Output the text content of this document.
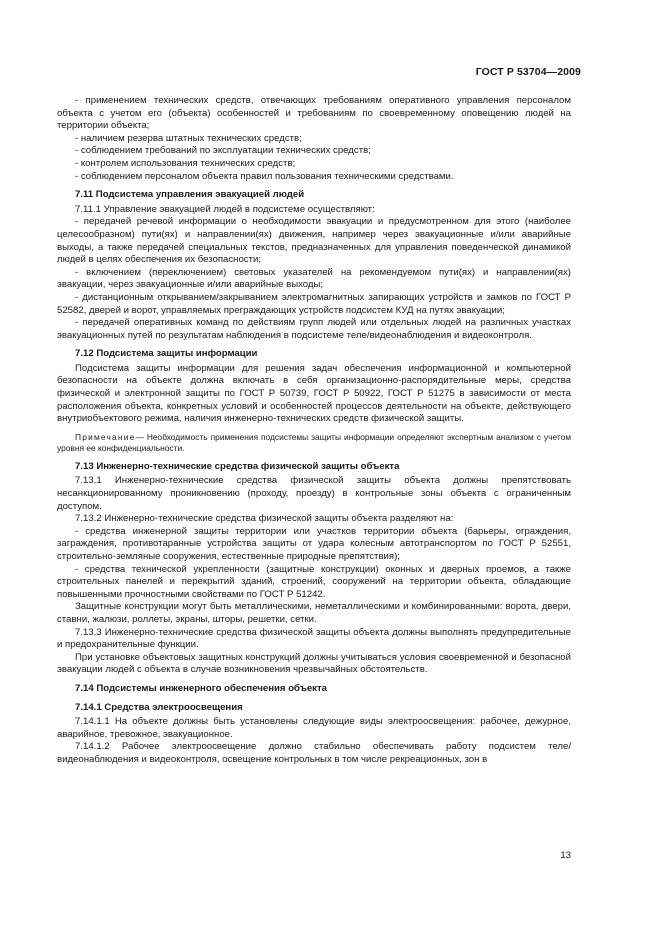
ГОСТ Р 53704—2009

- применением технических средств, отвечающих требованиям оперативного управления персоналом объекта с учетом его (объекта) особенностей и требованиям по своевременному оповещению людей на территории объекта;

- наличием резерва штатных технических средств;

- соблюдением требований по эксплуатации технических средств;

- контролем использования технических средств;

- соблюдением персоналом объекта правил пользования техническими средствами.

7.11 Подсистема управления эвакуацией людей

7.11.1 Управление эвакуацией людей в подсистеме осуществляют:

- передачей речевой информации о необходимости эвакуации и предусмотренном для этого (наиболее целесообразном) пути(ях) и направлении(ях) движения, например через эвакуационные и/или аварийные выходы, а также передачей специальных текстов, предназначенных для управления поведенческой динамикой людей в целях обеспечения их безопасности;

- включением (переключением) световых указателей на рекомендуемом пути(ях) и направлении(ях) эвакуации, через эвакуационные и/или аварийные выходы;

- дистанционным открыванием/закрыванием электромагнитных запирающих устройств и замков по ГОСТ Р 52582, дверей и ворот, управляемых преграждающих устройств подсистем КУД на путях эвакуации;

- передачей оперативных команд по действиям групп людей или отдельных людей на различных участках эвакуационных путей по результатам наблюдения в подсистеме теле/видеонаблюдения и видеоконтроля.

7.12 Подсистема защиты информации

Подсистема защиты информации для решения задач обеспечения информационной и компьютерной безопасности на объекте должна включать в себя организационно-распорядительные меры, средства физической и электронной защиты по ГОСТ Р 50739, ГОСТ Р 50922, ГОСТ Р 51275 в зависимости от места расположения объекта, конкретных условий и особенностей процессов деятельности на объекте, действующего внутриобъектового режима, наличия инженерно-технических средств физической защиты.

Примечание— Необходимость применения подсистемы защиты информации определяют экспертным анализом с учетом уровня ее конфиденциальности.

7.13 Инженерно-технические средства физической защиты объекта

7.13.1 Инженерно-технические средства физической защиты объекта должны препятствовать несанкционированному проникновению (проходу, проезду) в контрольные зоны объекта с ограниченным доступом.

7.13.2 Инженерно-технические средства физической защиты объекта разделяют на:

- средства инженерной защиты территории или участков территории объекта (барьеры, ограждения, заграждения, противотаранные устройства защиты от удара колесным автотранспортом по ГОСТ Р 52551, строительно-земляные сооружения, естественные природные препятствия);

- средства технической укрепленности (защитные конструкции) оконных и дверных проемов, а также строительных панелей и перекрытий зданий, строений, сооружений на территории объекта, обладающие повышенными прочностными свойствами по ГОСТ Р 51242.

Защитные конструкции могут быть металлическими, неметаллическими и комбинированными: ворота, двери, ставни, жалюзи, роллеты, экраны, шторы, решетки, сетки.

7.13.3 Инженерно-технические средства физической защиты объекта должны выполнять предупредительные и предохранительные функции.

При установке объектовых защитных конструкций должны учитываться условия своевременной и безопасной эвакуации людей с объекта в случае возникновения чрезвычайных обстоятельств.

7.14 Подсистемы инженерного обеспечения объекта

7.14.1 Средства электроосвещения

7.14.1.1 На объекте должны быть установлены следующие виды электроосвещения: рабочее, дежурное, аварийное, тревожное, эвакуационное.

7.14.1.2 Рабочее электроосвещение должно стабильно обеспечивать работу подсистем теле/видеонаблюдения и видеоконтроля, освещение контрольных в том числе рекреационных, зон в

13
